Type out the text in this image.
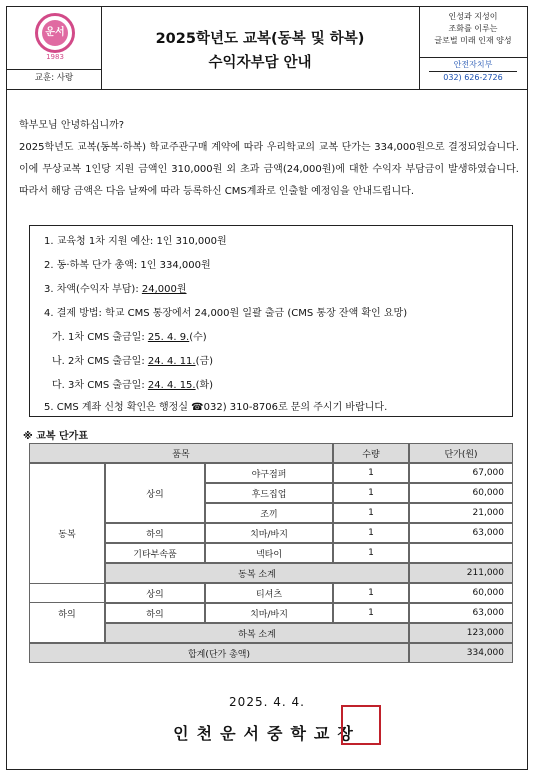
운서
1983
교훈: 사랑
2025학년도 교복(동복 및 하복)
수익자부담 안내
인성과 지성이
조화를 이루는
글로벌 미래 인재 양성
안전자치부
032) 626-2726
학부모님 안녕하십니까?
2025학년도 교복(동복·하복) 학교주관구매 계약에 따라 우리학교의 교복 단가는 334,000원으로 결정되었습니다. 이에 무상교복 1인당 지원 금액인 310,000원 외 초과 금액(24,000원)에 대한 수익자 부담금이 발생하였습니다. 따라서 해당 금액은 다음 날짜에 따라 등록하신 CMS계좌로 인출할 예정임을 안내드립니다.
1. 교육청 1차 지원 예산: 1인 310,000원
2. 동·하복 단가 총액: 1인 334,000원
3. 차액(수익자 부담): 24,000원
4. 결제 방법: 학교 CMS 통장에서 24,000원 일괄 출금 (CMS 통장 잔액 확인 요망)
가. 1차 CMS 출금일: 25. 4. 9.(수)
나. 2차 CMS 출금일: 24. 4. 11.(금)
다. 3차 CMS 출금일: 24. 4. 15.(화)
5. CMS 계좌 신청 확인은 행정실 ☎032) 310-8706로 문의 주시기 바랍니다.
※ 교복 단가표
품목	수량	단가(원)
동복
상의
야구점퍼	1	67,000
후드집업	1	60,000
조끼	1	21,000
하의	치마/바지	1	63,000
기타부속품	넥타이	1
동복 소계	211,000
하의
상의	티셔츠	1	60,000
하의	치마/바지	1	63,000
하복 소계	123,000
합계(단가 총액)	334,000
2025. 4. 4.
인천운서중학교장
